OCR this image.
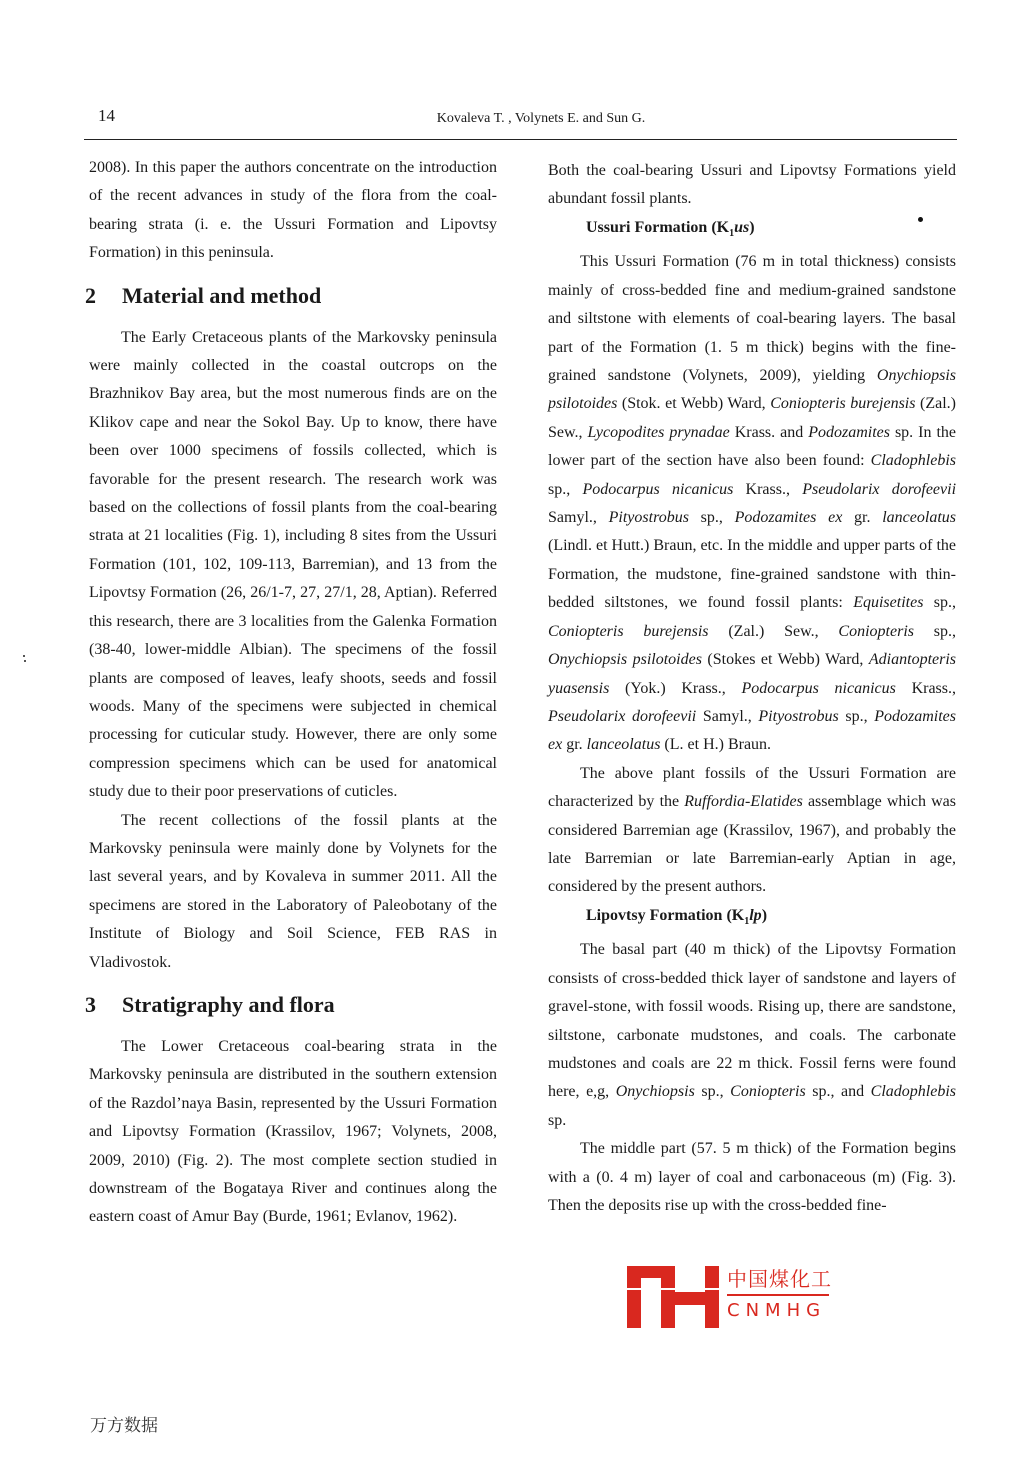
14	Kovaleva T. , Volynets E. and Sun G.

2008). In this paper the authors concentrate on the introduction of the recent advances in study of the flora from the coal-bearing strata (i. e. the Ussuri Formation and Lipovtsy Formation) in this peninsula.

2 Material and method

The Early Cretaceous plants of the Markovsky peninsula were mainly collected in the coastal outcrops on the Brazhnikov Bay area, but the most numerous finds are on the Klikov cape and near the Sokol Bay. Up to know, there have been over 1000 specimens of fossils collected, which is favorable for the present research. The research work was based on the collections of fossil plants from the coal-bearing strata at 21 localities (Fig. 1), including 8 sites from the Ussuri Formation (101, 102, 109-113, Barremian), and 13 from the Lipovtsy Formation (26, 26/1-7, 27, 27/1, 28, Aptian). Referred this research, there are 3 localities from the Galenka Formation (38-40, lower-middle Albian). The specimens of the fossil plants are composed of leaves, leafy shoots, seeds and fossil woods. Many of the specimens were subjected in chemical processing for cuticular study. However, there are only some compression specimens which can be used for anatomical study due to their poor preservations of cuticles.

The recent collections of the fossil plants at the Markovsky peninsula were mainly done by Volynets for the last several years, and by Kovaleva in summer 2011. All the specimens are stored in the Laboratory of Paleobotany of the Institute of Biology and Soil Science, FEB RAS in Vladivostok.

3 Stratigraphy and flora

The Lower Cretaceous coal-bearing strata in the Markovsky peninsula are distributed in the southern extension of the Razdol’naya Basin, represented by the Ussuri Formation and Lipovtsy Formation (Krassilov, 1967; Volynets, 2008, 2009, 2010) (Fig. 2). The most complete section studied in downstream of the Bogataya River and continues along the eastern coast of Amur Bay (Burde, 1961; Evlanov, 1962).

Both the coal-bearing Ussuri and Lipovtsy Formations yield abundant fossil plants.

Ussuri Formation $(K_1us)$

This Ussuri Formation (76 m in total thickness) consists mainly of cross-bedded fine and medium-grained sandstone and siltstone with elements of coal-bearing layers. The basal part of the Formation (1. 5 m thick) begins with the fine-grained sandstone (Volynets, 2009), yielding Onychiopsis psilotoides (Stok. et Webb) Ward, Coniopteris burejensis (Zal.) Sew., Lycopodites prynadae Krass. and Podozamites sp. In the lower part of the section have also been found: Cladophlebis sp., Podocarpus nicanicus Krass., Pseudolarix dorofeevii Samyl., Pityostrobus sp., Podozamites ex gr. lanceolatus (Lindl. et Hutt.) Braun, etc. In the middle and upper parts of the Formation, the mudstone, fine-grained sandstone with thin-bedded siltstones, we found fossil plants: Equisetites sp., Coniopteris burejensis (Zal.) Sew., Coniopteris sp., Onychiopsis psilotoides (Stokes et Webb) Ward, Adiantopteris yuasensis (Yok.) Krass., Podocarpus nicanicus Krass., Pseudolarix dorofeevii Samyl., Pityostrobus sp., Podozamites ex gr. lanceolatus (L. et H.) Braun.

The above plant fossils of the Ussuri Formation are characterized by the Ruffordia-Elatides assemblage which was considered Barremian age (Krassilov, 1967), and probably the late Barremian or late Barremian-early Aptian in age, considered by the present authors.

Lipovtsy Formation $(K_1lp)$

The basal part (40 m thick) of the Lipovtsy Formation consists of cross-bedded thick layer of sandstone and layers of gravel-stone, with fossil woods. Rising up, there are sandstone, siltstone, carbonate mudstones, and coals. The carbonate mudstones and coals are 22 m thick. Fossil ferns were found here, e,g, Onychiopsis sp., Coniopteris sp., and Cladophlebis sp.

The middle part (57. 5 m thick) of the Formation begins with a (0. 4 m) layer of coal and carbonaceous (m) (Fig. 3). Then the deposits rise up with the cross-bedded fine-

中国煤化工
CNMHG
万方数据
